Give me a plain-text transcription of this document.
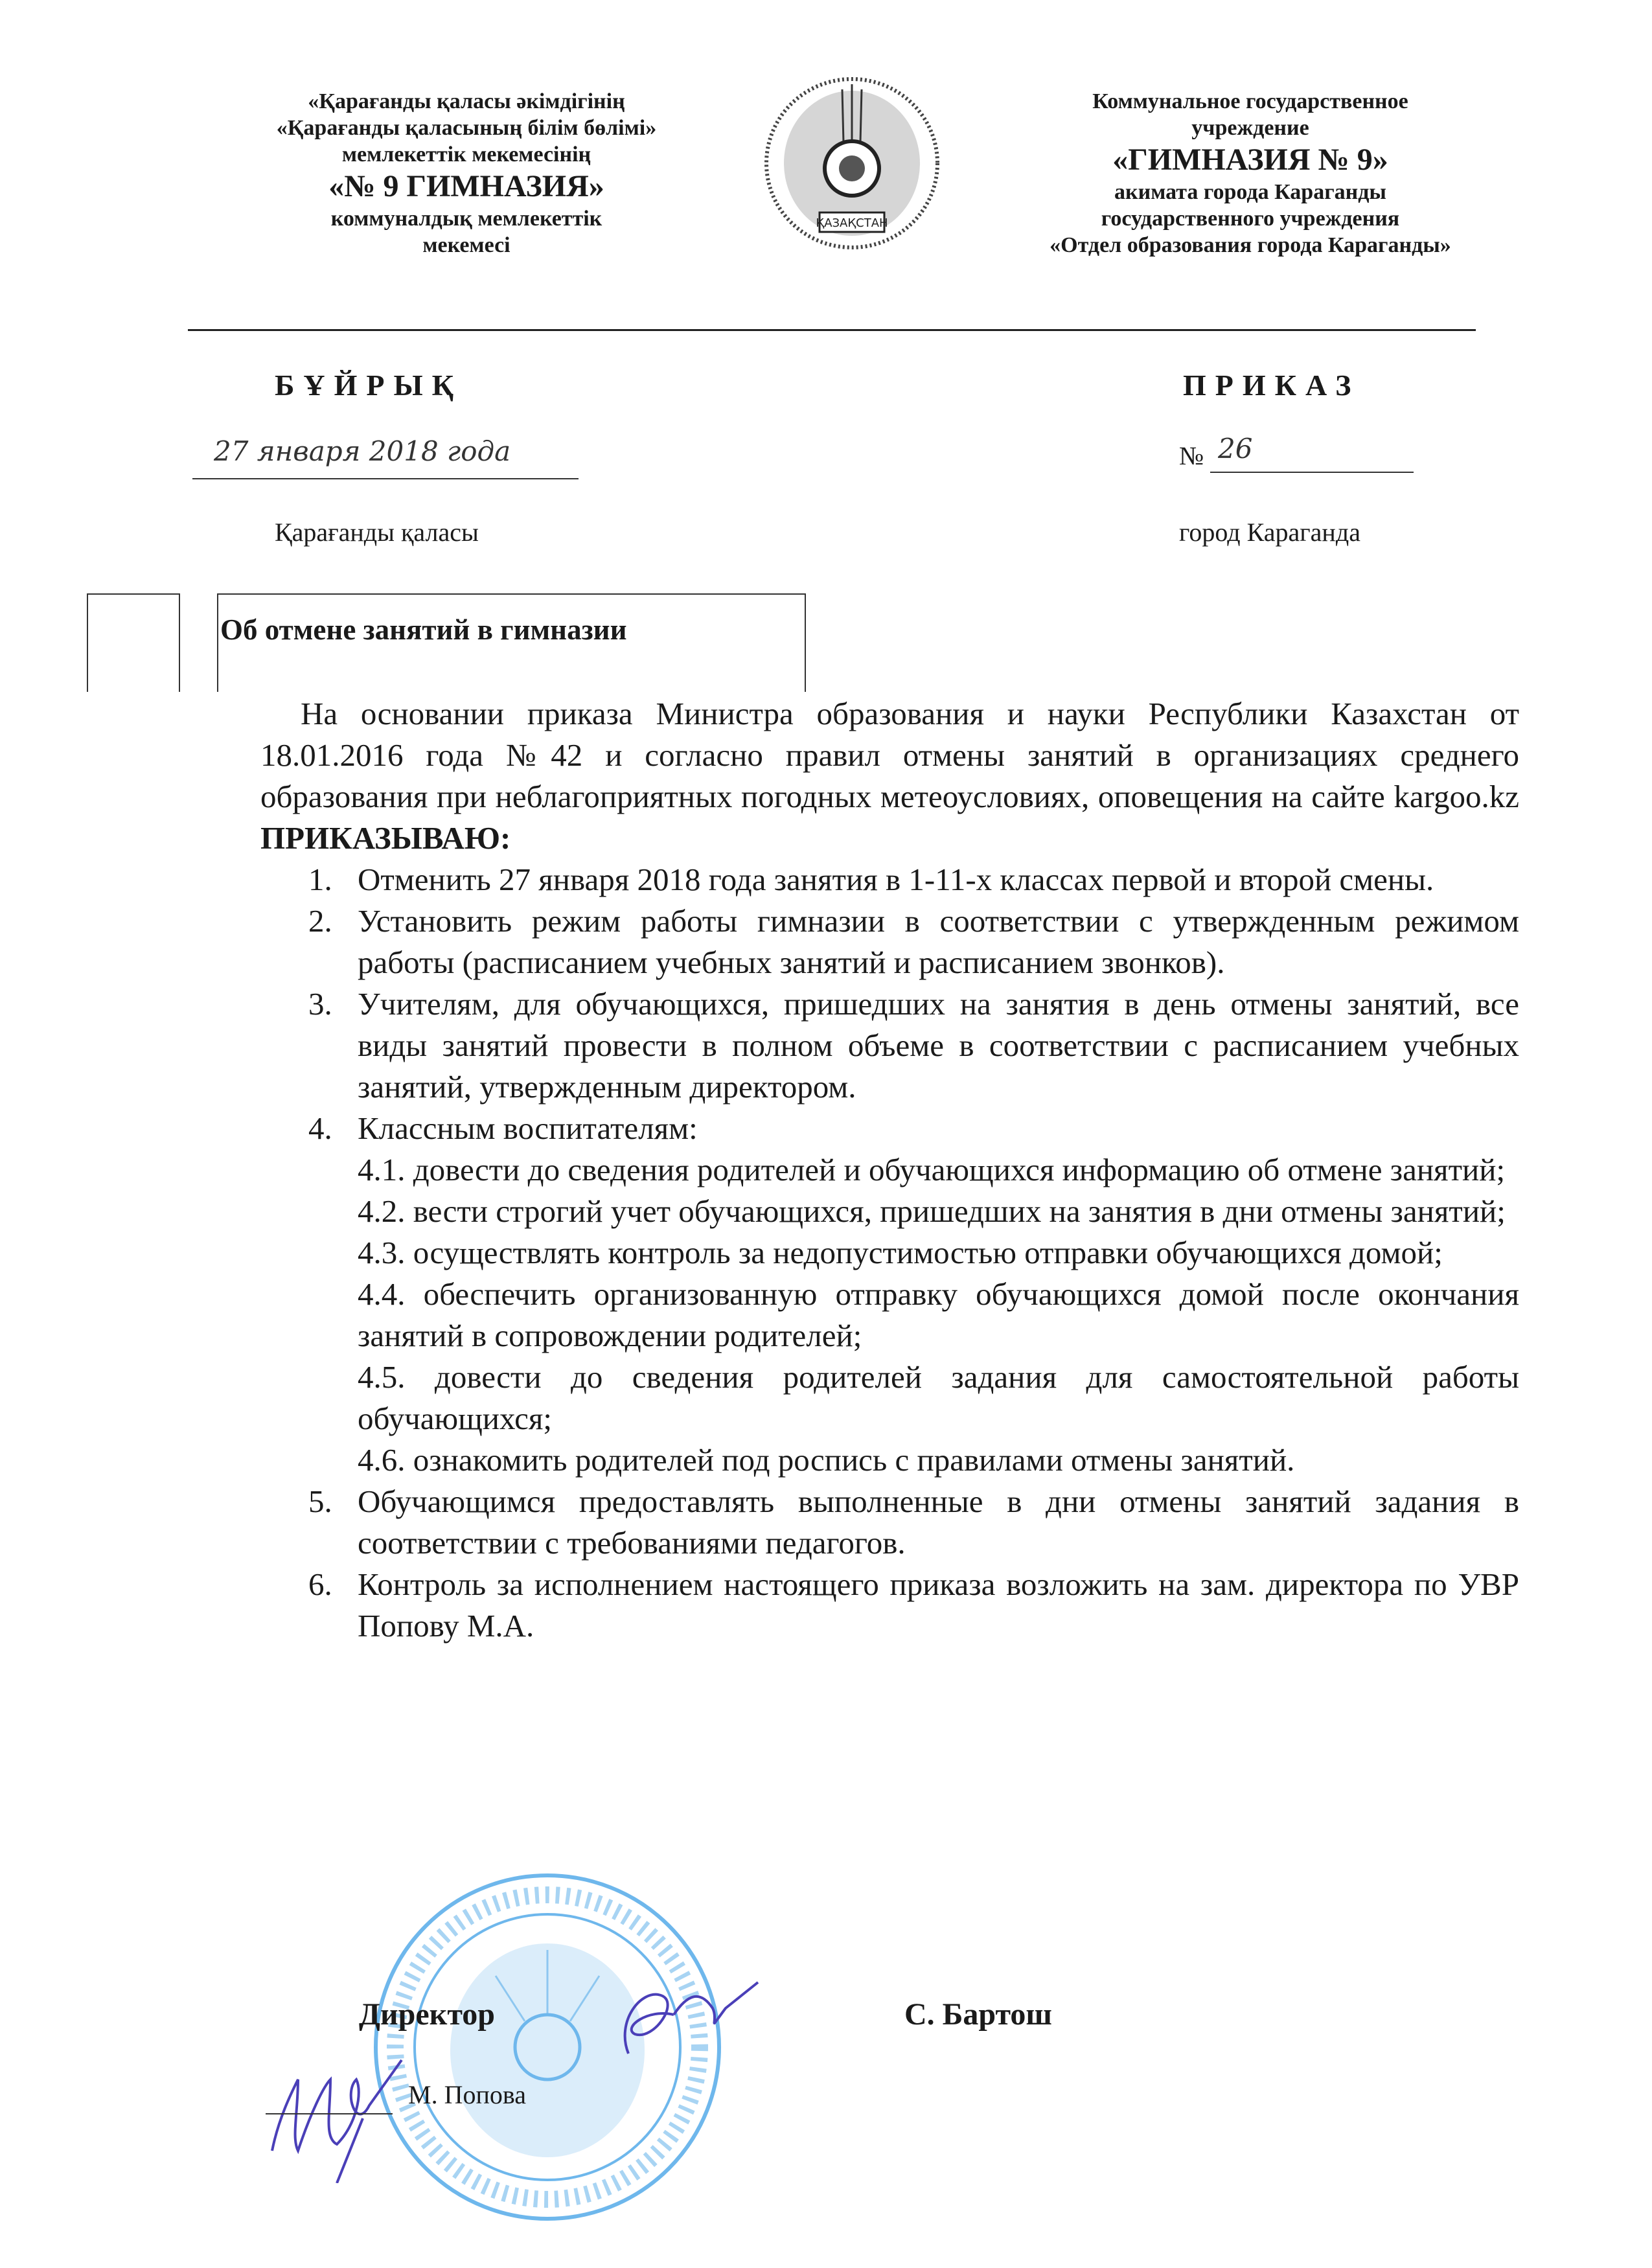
«Қарағанды қаласы әкімдігінің
«Қарағанды қаласының білім бөлімі»
мемлекеттік мекемесінің
«№ 9 ГИМНАЗИЯ»
коммуналдық мемлекеттік
мекемесі
ҚАЗАҚСТАН
Коммунальное государственное
учреждение
«ГИМНАЗИЯ № 9»
акимата города Караганды
государственного учреждения
«Отдел образования города Караганды»
БҰЙРЫҚ	ПРИКАЗ
27 января 2018 года	№ 26
Қарағанды қаласы	город Караганда
Об отмене занятий в гимназии

На основании приказа Министра образования и науки Республики Казахстан от 18.01.2016 года №42 и согласно правил отмены занятий в организациях среднего образования при неблагоприятных погодных метеоусловиях, оповещения на сайте kargoo.kz ПРИКАЗЫВАЮ:

1. Отменить 27 января 2018 года занятия в 1-11-х классах первой и второй смены.
2. Установить режим работы гимназии в соответствии с утвержденным режимом работы (расписанием учебных занятий и расписанием звонков).
3. Учителям, для обучающихся, пришедших на занятия в день отмены занятий, все виды занятий провести в полном объеме в соответствии с расписанием учебных занятий, утвержденным директором.
4. Классным воспитателям:
4.1. довести до сведения родителей и обучающихся информацию об отмене занятий;
4.2. вести строгий учет обучающихся, пришедших на занятия в дни отмены занятий;
4.3. осуществлять контроль за недопустимостью отправки обучающихся домой;
4.4. обеспечить организованную отправку обучающихся домой после окончания занятий в сопровождении родителей;
4.5. довести до сведения родителей задания для самостоятельной работы обучающихся;
4.6. ознакомить родителей под роспись с правилами отмены занятий.
5. Обучающимся предоставлять выполненные в дни отмены занятий задания в соответствии с требованиями педагогов.
6. Контроль за исполнением настоящего приказа возложить на зам. директора по УВР Попову М.А.
Директор	С. Бартош
М. Попова
